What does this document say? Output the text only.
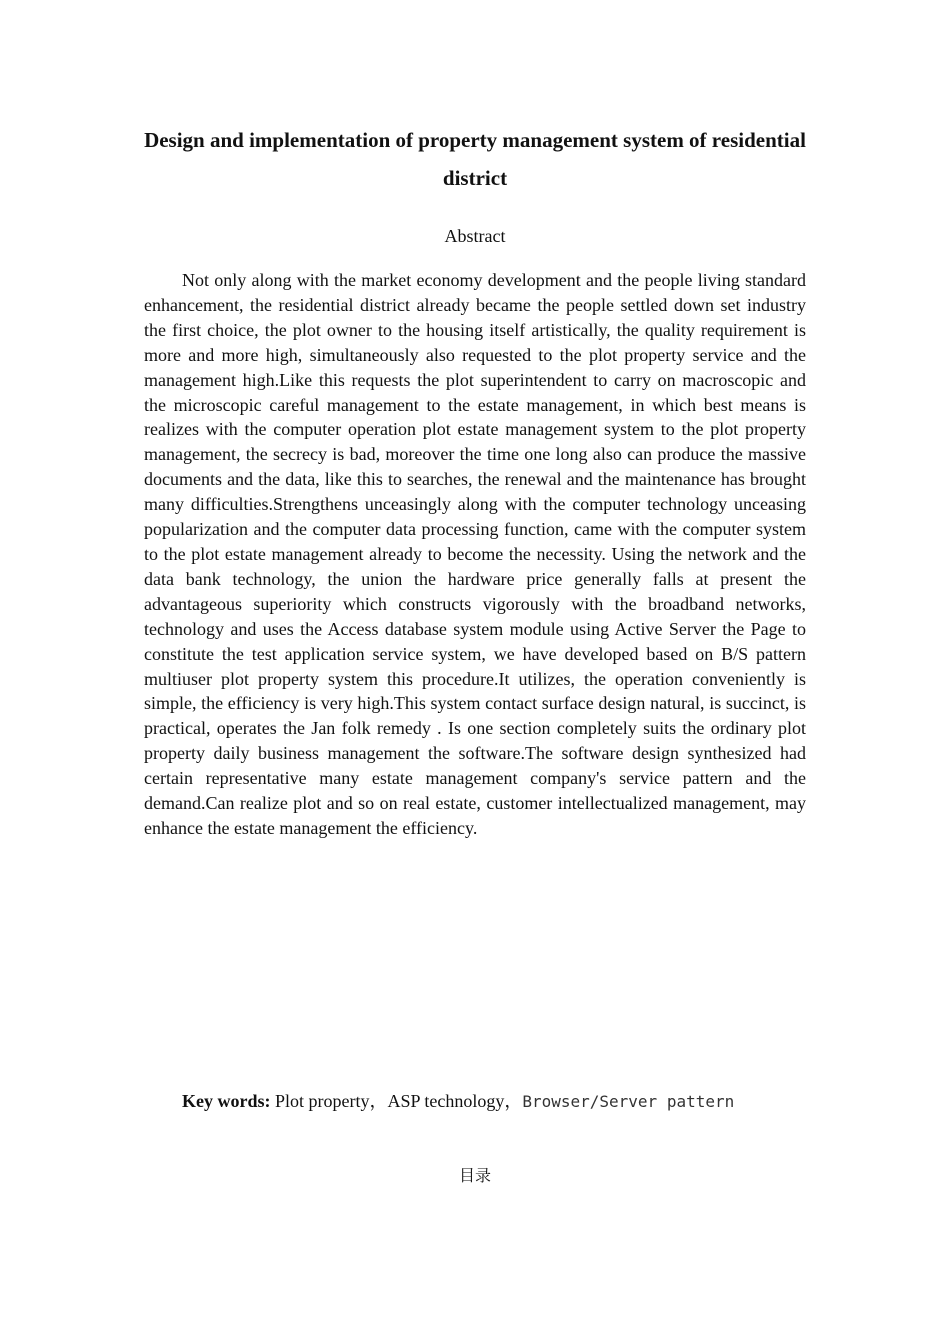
Design and implementation of property management system of residential district
Abstract

Not only along with the market economy development and the people living standard enhancement, the residential district already became the people settled down set industry the first choice, the plot owner to the housing itself artistically, the quality requirement is more and more high, simultaneously also requested to the plot property service and the management high.Like this requests the plot superintendent to carry on macroscopic and the microscopic careful management to the estate management, in which best means is realizes with the computer operation plot estate management system to the plot property management, the secrecy is bad, moreover the time one long also can produce the massive documents and the data, like this to searches, the renewal and the maintenance has brought many difficulties.Strengthens unceasingly along with the computer technology unceasing popularization and the computer data processing function, came with the computer system to the plot estate management already to become the necessity. Using the network and the data bank technology, the union the hardware price generally falls at present the advantageous superiority which constructs vigorously with the broadband networks, technology and uses the Access database system module using Active Server the Page to constitute the test application service system, we have developed based on B/S pattern multiuser plot property system this procedure.It utilizes, the operation conveniently is simple, the efficiency is very high.This system contact surface design natural, is succinct, is practical, operates the Jan folk remedy . Is one section completely suits the ordinary plot property daily business management the software.The software design synthesized had certain representative many estate management company's service pattern and the demand.Can realize plot and so on real estate, customer intellectualized management, may enhance the estate management the efficiency.

Key words: Plot property，ASP technology，Browser/Server pattern

目录
